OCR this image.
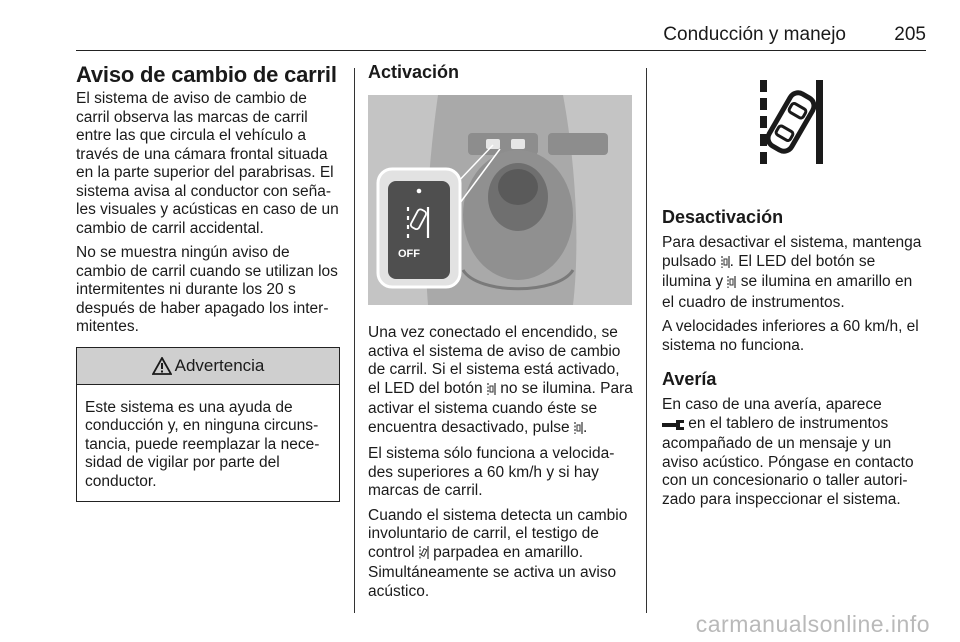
Conducción y manejo	205
Aviso de cambio de carril

El sistema de aviso de cambio de carril observa las marcas de carril entre las que circula el vehículo a través de una cámara frontal situada en la parte superior del parabrisas. El sistema avisa al conductor con señales visuales y acústicas en caso de un cambio de carril accidental.

No se muestra ningún aviso de cambio de carril cuando se utilizan los intermitentes ni durante los 20 s después de haber apagado los intermitentes.

Advertencia

Este sistema es una ayuda de conducción y, en ninguna circunstancia, puede reemplazar la necesidad de vigilar por parte del conductor.

Activación
OFF

Una vez conectado el encendido, se activa el sistema de aviso de cambio de carril. Si el sistema está activado, el LED del botón  no se ilumina. Para activar el sistema cuando éste se encuentra desactivado, pulse .

El sistema sólo funciona a velocidades superiores a 60 km/h y si hay marcas de carril.

Cuando el sistema detecta un cambio involuntario de carril, el testigo de control  parpadea en amarillo. Simultáneamente se activa un aviso acústico.

Desactivación

Para desactivar el sistema, mantenga pulsado . El LED del botón se ilumina y  se ilumina en amarillo en el cuadro de instrumentos.

A velocidades inferiores a 60 km/h, el sistema no funciona.

Avería

En caso de una avería, aparece
en el tablero de instrumentos acompañado de un mensaje y un aviso acústico. Póngase en contacto con un concesionario o taller autorizado para inspeccionar el sistema.

carmanualsonline.info
